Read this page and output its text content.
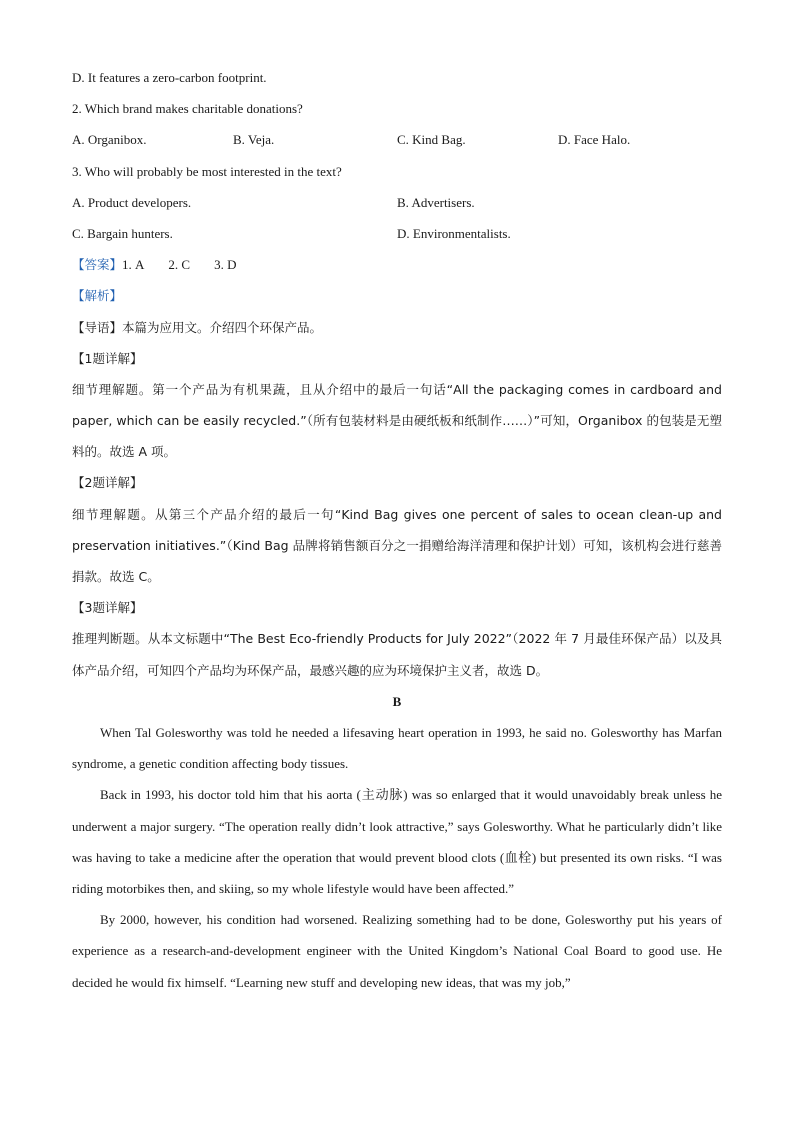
D. It features a zero-carbon footprint.
2. Which brand makes charitable donations?
A. Organibox.	B. Veja.	C. Kind Bag.	D. Face Halo.
3. Who will probably be most interested in the text?
A. Product developers.	B. Advertisers.
C. Bargain hunters.	D. Environmentalists.
【答案】1. A 2. C 3. D
【解析】
【导语】本篇为应用文。介绍四个环保产品。
【1题详解】
细节理解题。第一个产品为有机果蔬，且从介绍中的最后一句话“All the packaging comes in cardboard and paper, which can be easily recycled.”（所有包装材料是由硬纸板和纸制作……）”可知，Organibox 的包装是无塑料的。故选 A 项。
【2题详解】
细节理解题。从第三个产品介绍的最后一句“Kind Bag gives one percent of sales to ocean clean-up and preservation initiatives.”（Kind Bag 品牌将销售额百分之一捐赠给海洋清理和保护计划）可知，该机构会进行慈善捐款。故选 C。
【3题详解】
推理判断题。从本文标题中“The Best Eco-friendly Products for July 2022”（2022 年 7 月最佳环保产品）以及具体产品介绍，可知四个产品均为环保产品，最感兴趣的应为环境保护主义者，故选 D。
B
When Tal Golesworthy was told he needed a lifesaving heart operation in 1993, he said no. Golesworthy has Marfan syndrome, a genetic condition affecting body tissues.
Back in 1993, his doctor told him that his aorta (主动脉) was so enlarged that it would unavoidably break unless he underwent a major surgery. “The operation really didn’t look attractive,” says Golesworthy. What he particularly didn’t like was having to take a medicine after the operation that would prevent blood clots (血栓) but presented its own risks. “I was riding motorbikes then, and skiing, so my whole lifestyle would have been affected.”
By 2000, however, his condition had worsened. Realizing something had to be done, Golesworthy put his years of experience as a research-and-development engineer with the United Kingdom’s National Coal Board to good use. He decided he would fix himself. “Learning new stuff and developing new ideas, that was my job,”
